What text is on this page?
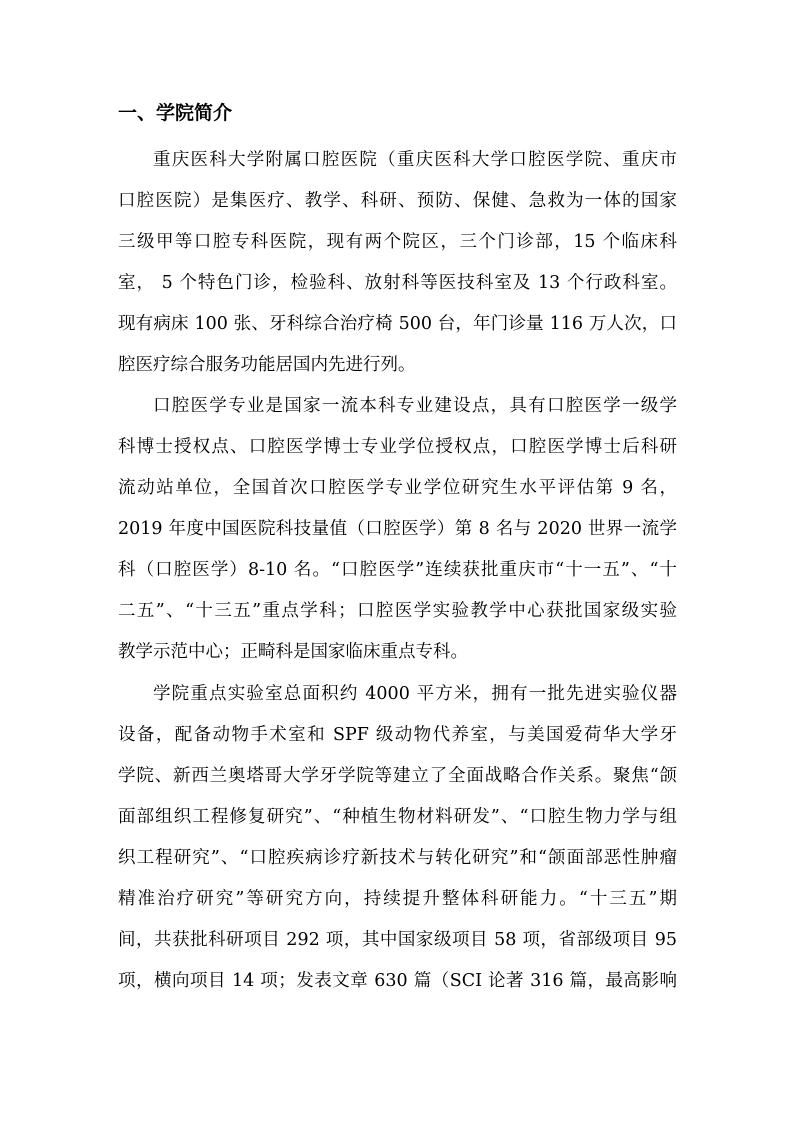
一、学院简介
重庆医科大学附属口腔医院（重庆医科大学口腔医学院、重庆市
口腔医院）是集医疗、教学、科研、预防、保健、急救为一体的国家
三级甲等口腔专科医院，现有两个院区，三个门诊部，15 个临床科
室， 5 个特色门诊，检验科、放射科等医技科室及 13 个行政科室。
现有病床 100 张、牙科综合治疗椅 500 台，年门诊量 116 万人次，口
腔医疗综合服务功能居国内先进行列。
口腔医学专业是国家一流本科专业建设点，具有口腔医学一级学
科博士授权点、口腔医学博士专业学位授权点，口腔医学博士后科研
流动站单位，全国首次口腔医学专业学位研究生水平评估第 9 名，
2019 年度中国医院科技量值（口腔医学）第 8 名与 2020 世界一流学
科（口腔医学）8-10 名。“口腔医学”连续获批重庆市“十一五”、“十
二五”、“十三五”重点学科；口腔医学实验教学中心获批国家级实验
教学示范中心；正畸科是国家临床重点专科。
学院重点实验室总面积约 4000 平方米，拥有一批先进实验仪器
设备，配备动物手术室和 SPF 级动物代养室，与美国爱荷华大学牙
学院、新西兰奥塔哥大学牙学院等建立了全面战略合作关系。聚焦“颌
面部组织工程修复研究”、“种植生物材料研发”、“口腔生物力学与组
织工程研究”、“口腔疾病诊疗新技术与转化研究”和“颌面部恶性肿瘤
精准治疗研究”等研究方向，持续提升整体科研能力。“十三五”期
间，共获批科研项目 292 项，其中国家级项目 58 项，省部级项目 95
项，横向项目 14 项；发表文章 630 篇（SCI 论著 316 篇，最高影响
